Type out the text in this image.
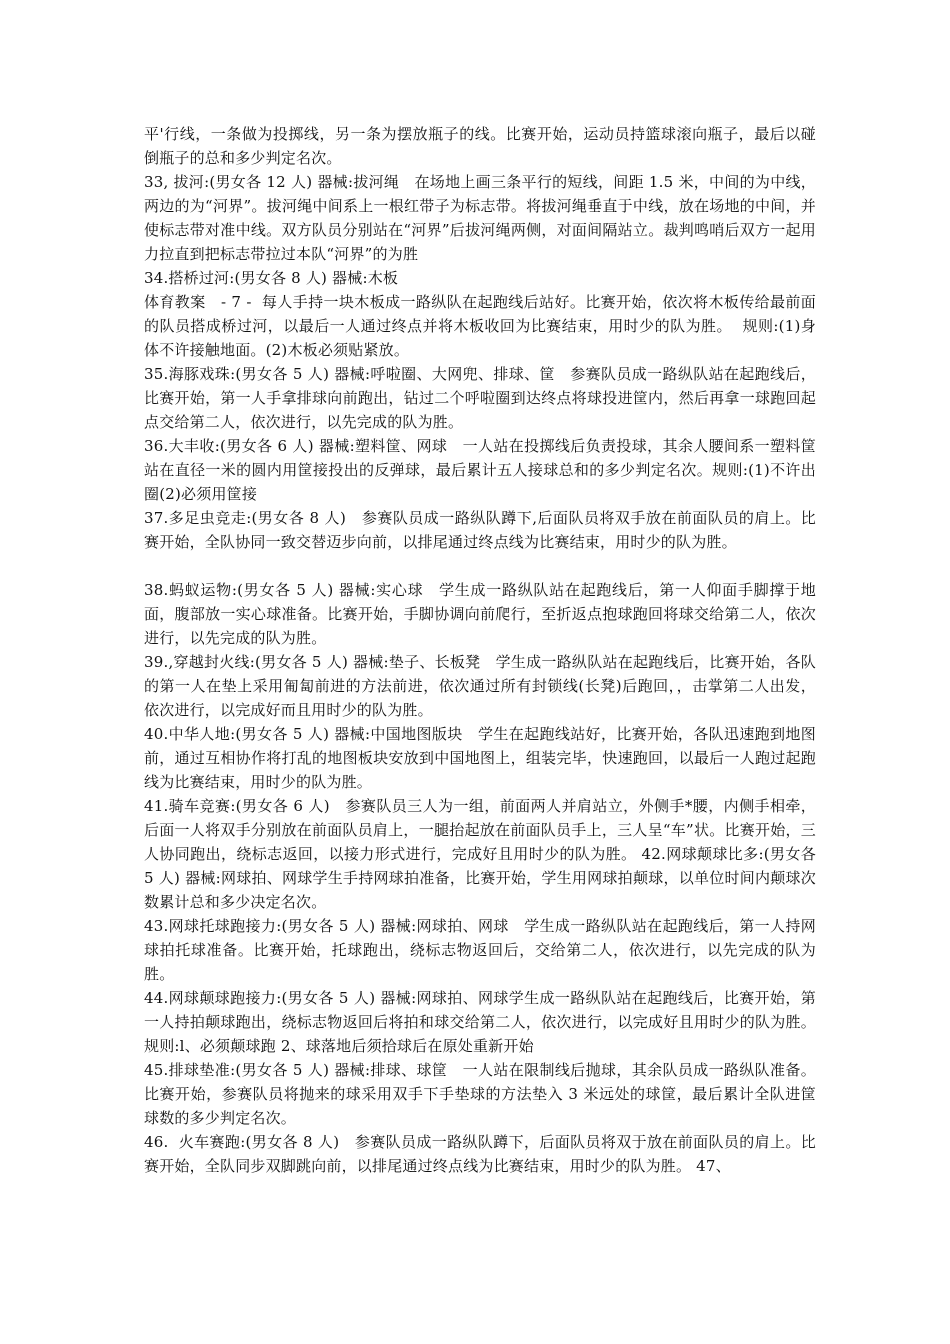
平'行线，一条做为投掷线，另一条为摆放瓶子的线。比赛开始，运动员持篮球滚向瓶子，最后以碰倒瓶子的总和多少判定名次。

33, 拔河:(男女各 12 人) 器械:拔河绳　在场地上画三条平行的短线，间距 1.5 米，中间的为中线，两边的为“河界”。拔河绳中间系上一根红带子为标志带。将拔河绳垂直于中线，放在场地的中间，并使标志带对准中线。双方队员分别站在“河界”后拔河绳两侧，对面间隔站立。裁判鸣哨后双方一起用力拉直到把标志带拉过本队“河界”的为胜

34.搭桥过河:(男女各 8 人) 器械:木板

体育教案　- 7 -  每人手持一块木板成一路纵队在起跑线后站好。比赛开始，依次将木板传给最前面的队员搭成桥过河，以最后一人通过终点并将木板收回为比赛结束，用时少的队为胜。  规则:(1)身体不许接触地面。(2)木板必须贴紧放。

35.海豚戏珠:(男女各 5 人) 器械:呼啦圈、大网兜、排球、筐　参赛队员成一路纵队站在起跑线后，比赛开始，第一人手拿排球向前跑出，钻过二个呼啦圈到达终点将球投进筐内，然后再拿一球跑回起点交给第二人，依次进行，以先完成的队为胜。

36.大丰收:(男女各 6 人) 器械:塑料筐、网球　一人站在投掷线后负责投球，其余人腰间系一塑料筐站在直径一米的圆内用筐接投出的反弹球，最后累计五人接球总和的多少判定名次。规则:(1)不许出圈(2)必须用筐接

37.多足虫竞走:(男女各 8 人)　参赛队员成一路纵队蹲下,后面队员将双手放在前面队员的肩上。比赛开始，全队协同一致交替迈步向前，以排尾通过终点线为比赛结束，用时少的队为胜。

38.蚂蚁运物:(男女各 5 人) 器械:实心球　学生成一路纵队站在起跑线后，第一人仰面手脚撑于地面，腹部放一实心球准备。比赛开始，手脚协调向前爬行，至折返点抱球跑回将球交给第二人，依次进行，以先完成的队为胜。

39.,穿越封火线:(男女各 5 人) 器械:垫子、长板凳　学生成一路纵队站在起跑线后，比赛开始，各队的第一人在垫上采用匍匐前进的方法前进，依次通过所有封锁线(长凳)后跑回，，击掌第二人出发，依次进行，以完成好而且用时少的队为胜。

40.中华人地:(男女各 5 人) 器械:中国地图版块　学生在起跑线站好，比赛开始，各队迅速跑到地图前，通过互相协作将打乱的地图板块安放到中国地图上，组装完毕，快速跑回，以最后一人跑过起跑线为比赛结束，用时少的队为胜。

41.骑车竞赛:(男女各 6 人)　参赛队员三人为一组，前面两人并肩站立，外侧手*腰，内侧手相牵，后面一人将双手分别放在前面队员肩上，一腿抬起放在前面队员手上，三人呈“车”状。比赛开始，三人协同跑出，绕标志返回，以接力形式进行，完成好且用时少的队为胜。 42.网球颠球比多:(男女各 5 人) 器械:网球拍、网球学生手持网球拍准备，比赛开始，学生用网球拍颠球，以单位时间内颠球次数累计总和多少决定名次。

43.网球托球跑接力:(男女各 5 人) 器械:网球拍、网球　学生成一路纵队站在起跑线后，第一人持网球拍托球准备。比赛开始，托球跑出，绕标志物返回后，交给第二人，依次进行，以先完成的队为胜。

44.网球颠球跑接力:(男女各 5 人) 器械:网球拍、网球学生成一路纵队站在起跑线后，比赛开始，第一人持拍颠球跑出，绕标志物返回后将拍和球交给第二人，依次进行，以完成好且用时少的队为胜。  规则:l、必须颠球跑 2、球落地后须拾球后在原处重新开始

45.排球垫准:(男女各 5 人) 器械:排球、球筐　一人站在限制线后抛球，其余队员成一路纵队准备。比赛开始，参赛队员将抛来的球采用双手下手垫球的方法垫入 3 米远处的球筐，最后累计全队进筐球数的多少判定名次。

46.  火车赛跑:(男女各 8 人)　参赛队员成一路纵队蹲下，后面队员将双于放在前面队员的肩上。比赛开始，全队同步双脚跳向前，以排尾通过终点线为比赛结束，用时少的队为胜。 47、
